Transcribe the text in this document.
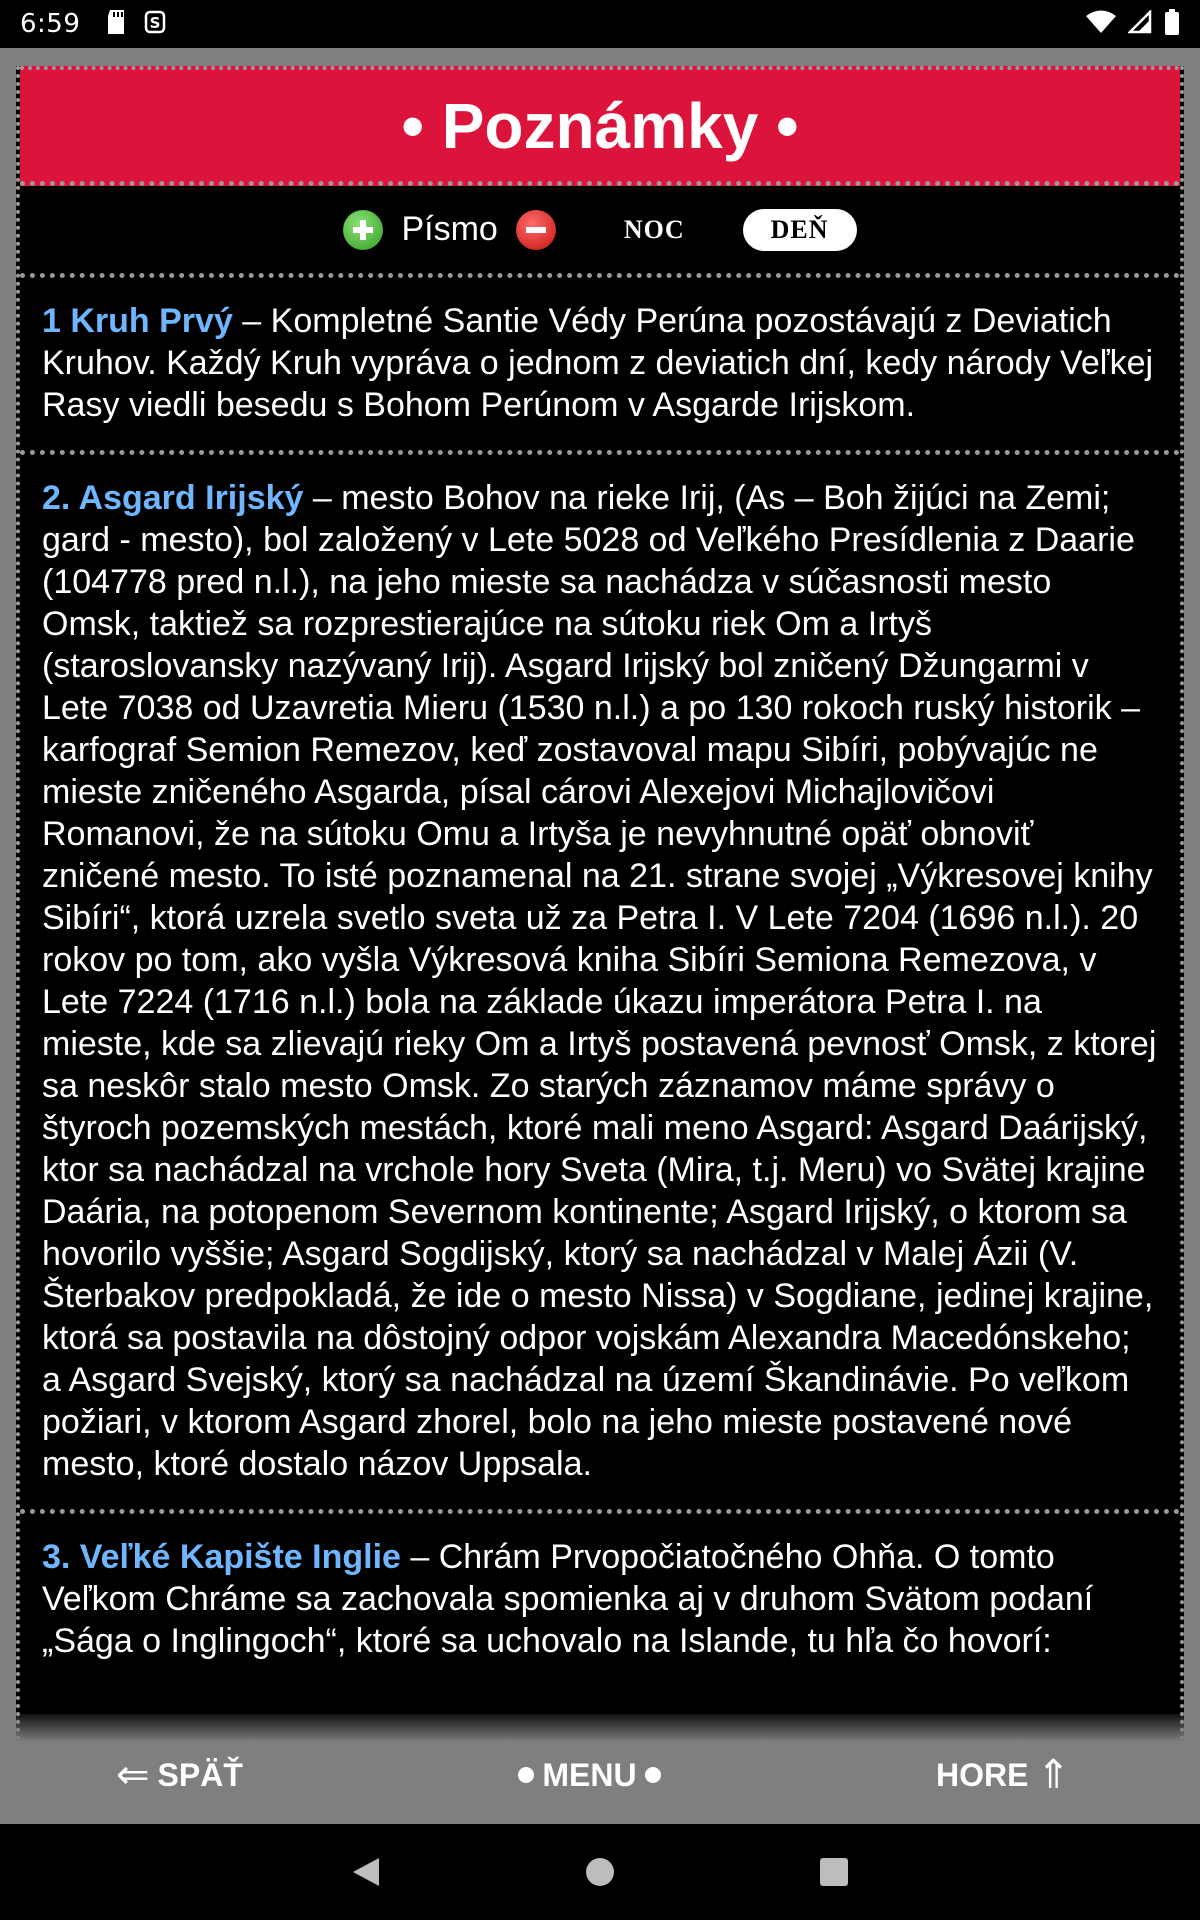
6:59	S
• Poznámky •
Písmo	NOC	DEŇ
1 Kruh Prvý – Kompletné Santie Védy Perúna pozostávajú z Deviatich Kruhov. Každý Kruh vypráva o jednom z deviatich dní, kedy národy Veľkej Rasy viedli besedu s Bohom Perúnom v Asgarde Irijskom.
2. Asgard Irijský – mesto Bohov na rieke Irij, (As – Boh žijúci na Zemi; gard - mesto), bol založený v Lete 5028 od Veľkého Presídlenia z Daarie (104778 pred n.l.), na jeho mieste sa nachádza v súčasnosti mesto Omsk, taktiež sa rozprestierajúce na sútoku riek Om a Irtyš (staroslovansky nazývaný Irij). Asgard Irijský bol zničený Džungarmi v Lete 7038 od Uzavretia Mieru (1530 n.l.) a po 130 rokoch ruský historik – karfograf Semion Remezov, keď zostavoval mapu Sibíri, pobývajúc ne mieste zničeného Asgarda, písal cárovi Alexejovi Michajlovičovi Romanovi, že na sútoku Omu a Irtyša je nevyhnutné opäť obnoviť zničené mesto. To isté poznamenal na 21. strane svojej „Výkresovej knihy Sibíri“, ktorá uzrela svetlo sveta už za Petra I. V Lete 7204 (1696 n.l.). 20 rokov po tom, ako vyšla Výkresová kniha Sibíri Semiona Remezova, v Lete 7224 (1716 n.l.) bola na základe úkazu imperátora Petra I. na mieste, kde sa zlievajú rieky Om a Irtyš postavená pevnosť Omsk, z ktorej sa neskôr stalo mesto Omsk. Zo starých záznamov máme správy o štyroch pozemských mestách, ktoré mali meno Asgard: Asgard Daárijský, ktor sa nachádzal na vrchole hory Sveta (Mira, t.j. Meru) vo Svätej krajine Daária, na potopenom Severnom kontinente; Asgard Irijský, o ktorom sa hovorilo vyššie; Asgard Sogdijský, ktorý sa nachádzal v Malej Ázii (V. Šterbakov predpokladá, že ide o mesto Nissa) v Sogdiane, jedinej krajine, ktorá sa postavila na dôstojný odpor vojskám Alexandra Macedónskeho; a Asgard Svejský, ktorý sa nachádzal na území Škandinávie. Po veľkom požiari, v ktorom Asgard zhorel, bolo na jeho mieste postavené nové mesto, ktoré dostalo názov Uppsala.
3. Veľké Kapište Inglie – Chrám Prvopočiatočného Ohňa. O tomto Veľkom Chráme sa zachovala spomienka aj v druhom Svätom podaní „Sága o Inglingoch“, ktoré sa uchovalo na Islande, tu hľa čo hovorí:
⇐ SPÄŤ	MENU	HORE ⇑
